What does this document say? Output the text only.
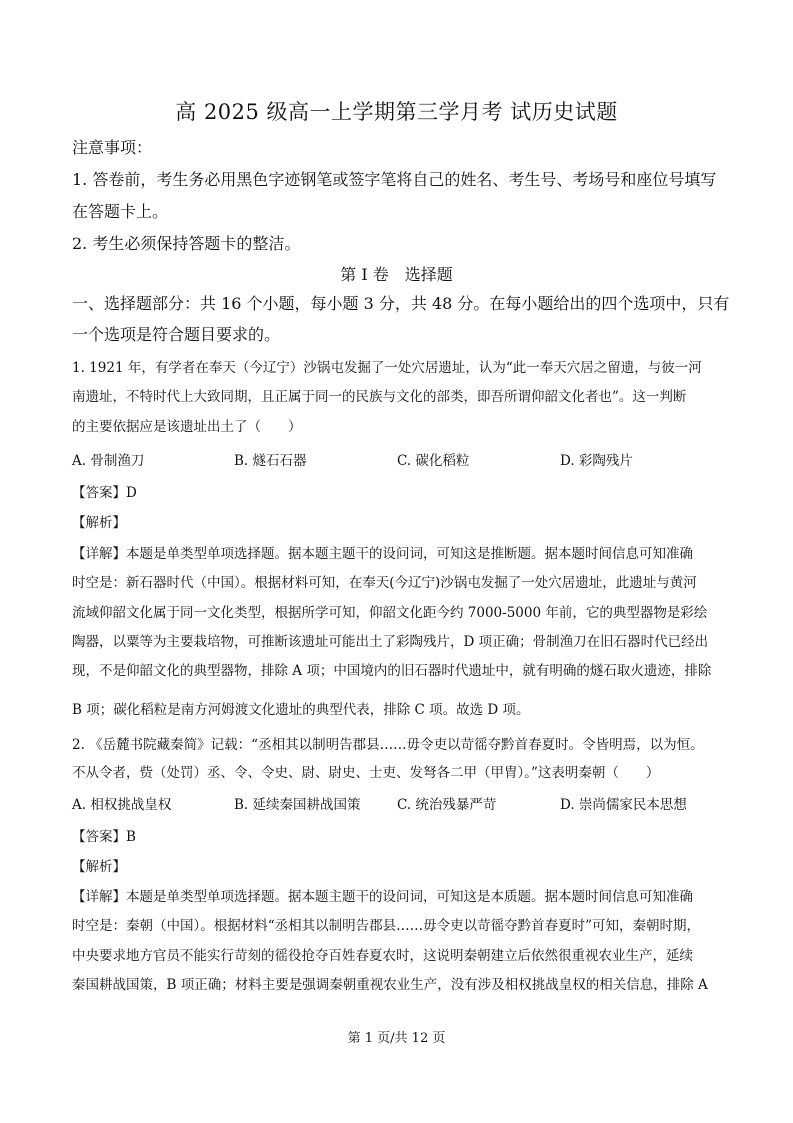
高 2025 级高一上学期第三学月考 试历史试题
注意事项：
1. 答卷前，考生务必用黑色字迹钢笔或签字笔将自己的姓名、考生号、考场号和座位号填写
在答题卡上。
2. 考生必须保持答题卡的整洁。
第 I 卷　选择题
一、选择题部分：共 16 个小题，每小题 3 分，共 48 分。在每小题给出的四个选项中，只有
一个选项是符合题目要求的。
1. 1921 年，有学者在奉天（今辽宁）沙锅屯发掘了一处穴居遗址，认为“此一奉天穴居之留遗，与彼一河
南遗址，不特时代上大致同期，且正属于同一的民族与文化的部类，即吾所谓仰韶文化者也”。这一判断
的主要依据应是该遗址出土了（　　）
A. 骨制渔刀	B. 燧石石器	C. 碳化稻粒	D. 彩陶残片
【答案】D
【解析】
【详解】本题是单类型单项选择题。据本题主题干的设问词，可知这是推断题。据本题时间信息可知准确
时空是：新石器时代（中国）。根据材料可知，在奉天(今辽宁)沙锅屯发掘了一处穴居遗址，此遗址与黄河
流域仰韶文化属于同一文化类型，根据所学可知，仰韶文化距今约 7000-5000 年前，它的典型器物是彩绘
陶器，以粟等为主要栽培物，可推断该遗址可能出土了彩陶残片，D 项正确；骨制渔刀在旧石器时代已经出
现，不是仰韶文化的典型器物，排除 A 项；中国境内的旧石器时代遗址中，就有明确的燧石取火遗迹，排除
B 项；碳化稻粒是南方河姆渡文化遗址的典型代表，排除 C 项。故选 D 项。
2. 《岳麓书院藏秦简》记载：“丞相其以制明告郡县……毋令吏以苛徭夺黔首春夏时。令皆明焉，以为恒。
不从令者，赀（处罚）丞、令、令史、尉、尉史、士吏、发弩各二甲（甲胄）。”这表明秦朝（　　）
A. 相权挑战皇权	B. 延续秦国耕战国策	C. 统治残暴严苛	D. 崇尚儒家民本思想
【答案】B
【解析】
【详解】本题是单类型单项选择题。据本题主题干的设问词，可知这是本质题。据本题时间信息可知准确
时空是：秦朝（中国）。根据材料“丞相其以制明告郡县……毋令吏以苛徭夺黔首春夏时”可知，秦朝时期，
中央要求地方官员不能实行苛刻的徭役抢夺百姓春夏农时，这说明秦朝建立后依然很重视农业生产，延续
秦国耕战国策，B 项正确；材料主要是强调秦朝重视农业生产，没有涉及相权挑战皇权的相关信息，排除 A
第 1 页/共 12 页
